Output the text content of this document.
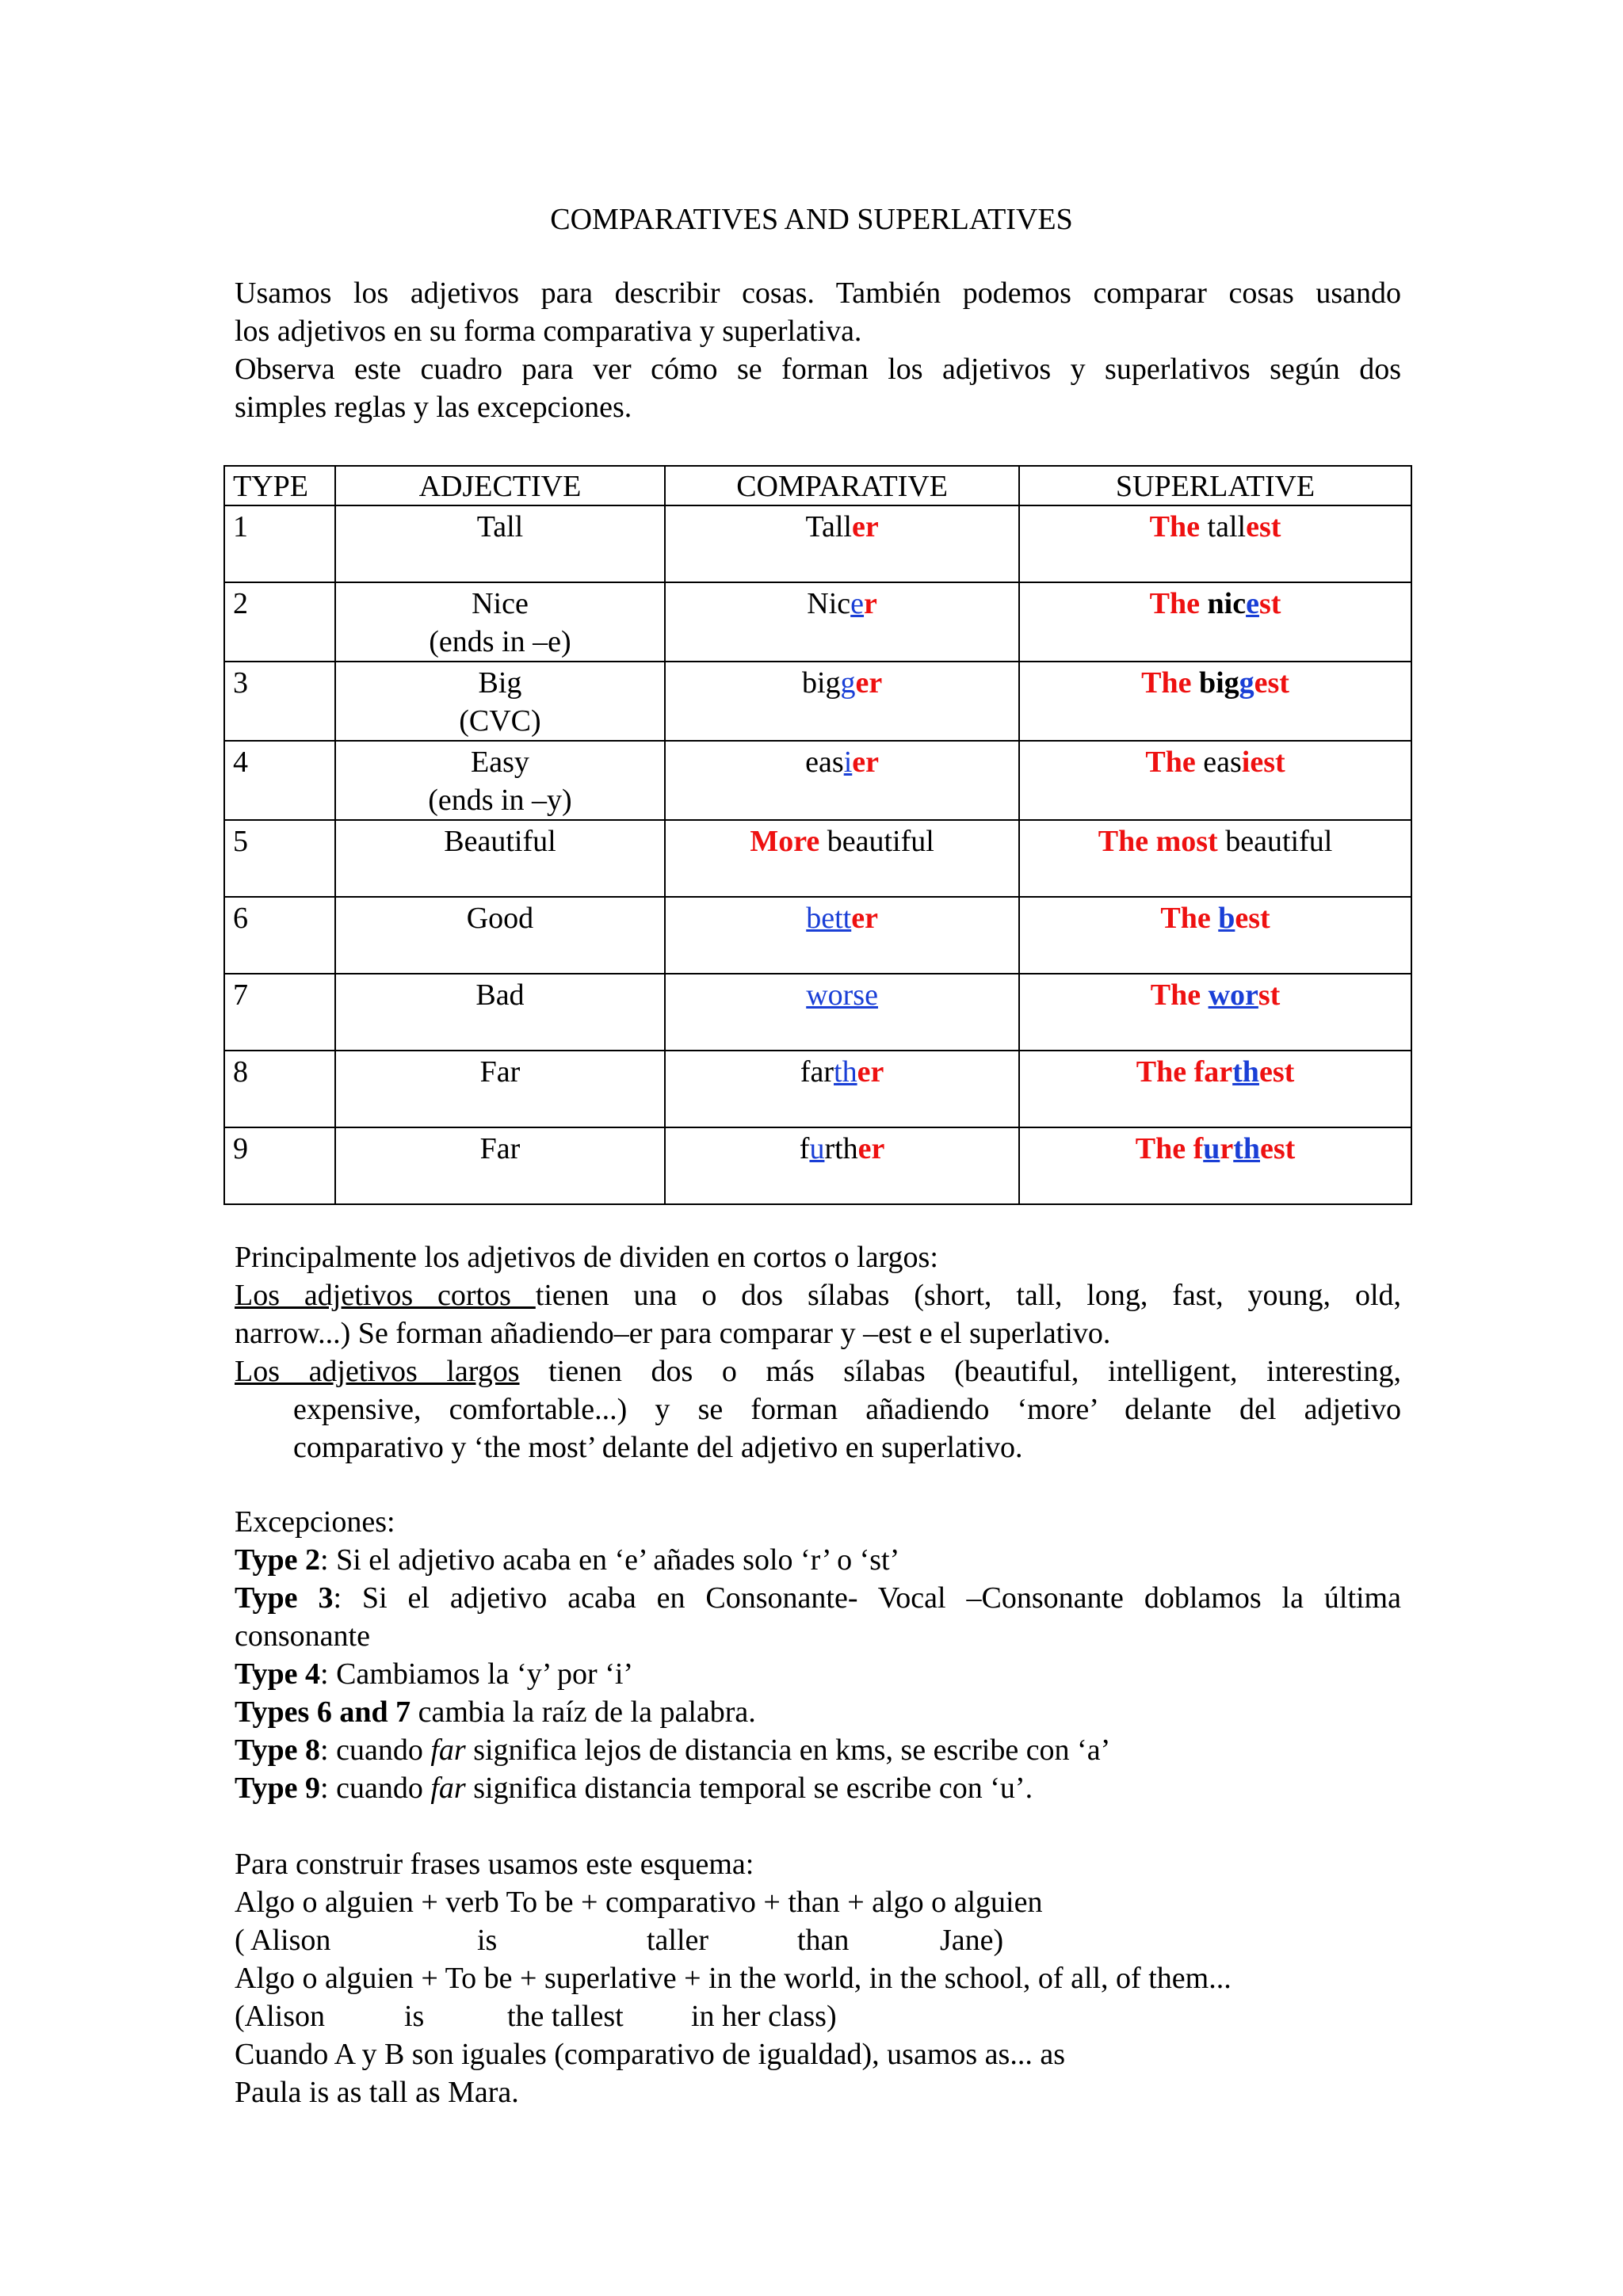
COMPARATIVES AND SUPERLATIVES

Usamos los adjetivos para describir cosas. También podemos comparar cosas usando

los adjetivos en su forma comparativa y superlativa.

Observa este cuadro para ver cómo se forman los adjetivos y superlativos según dos

simples reglas y las excepciones.

TYPE	ADJECTIVE	COMPARATIVE	SUPERLATIVE
1	Tall	Taller	The tallest
2	Nice
(ends in –e)	Nicer	The nicest
3	Big
(CVC)	bigger	The biggest
4	Easy
(ends in –y)	easier	The easiest
5	Beautiful	More beautiful	The most beautiful
6	Good	better	The best
7	Bad	worse	The worst
8	Far	farther	The farthest
9	Far	further	The furthest

Principalmente los adjetivos de dividen en cortos o largos:

Los adjetivos cortos tienen una o dos sílabas (short, tall, long, fast, young, old,

narrow...) Se forman añadiendo–er para comparar y –est e el superlativo.

Los adjetivos largos tienen dos o más sílabas (beautiful, intelligent, interesting,

expensive, comfortable...) y se forman añadiendo ‘more’ delante del adjetivo

comparativo y ‘the most’ delante del adjetivo en superlativo.

Excepciones:

Type 2: Si el adjetivo acaba en ‘e’ añades solo ‘r’ o ‘st’

Type 3: Si el adjetivo acaba en Consonante- Vocal –Consonante doblamos la última

consonante

Type 4: Cambiamos la ‘y’ por ‘i’

Types 6 and 7 cambia la raíz de la palabra.

Type 8: cuando far significa lejos de distancia en kms, se escribe con ‘a’

Type 9: cuando far significa distancia temporal se escribe con ‘u’.

Para construir frases usamos este esquema:

Algo o alguien + verb To be + comparativo + than + algo o alguien

( Alison	is	taller	than	Jane)

Algo o alguien + To be + superlative + in the world, in the school, of all, of them...

(Alison	is	the tallest	in her class)

Cuando A y B son iguales (comparativo de igualdad), usamos as... as

Paula is as tall as Mara.
